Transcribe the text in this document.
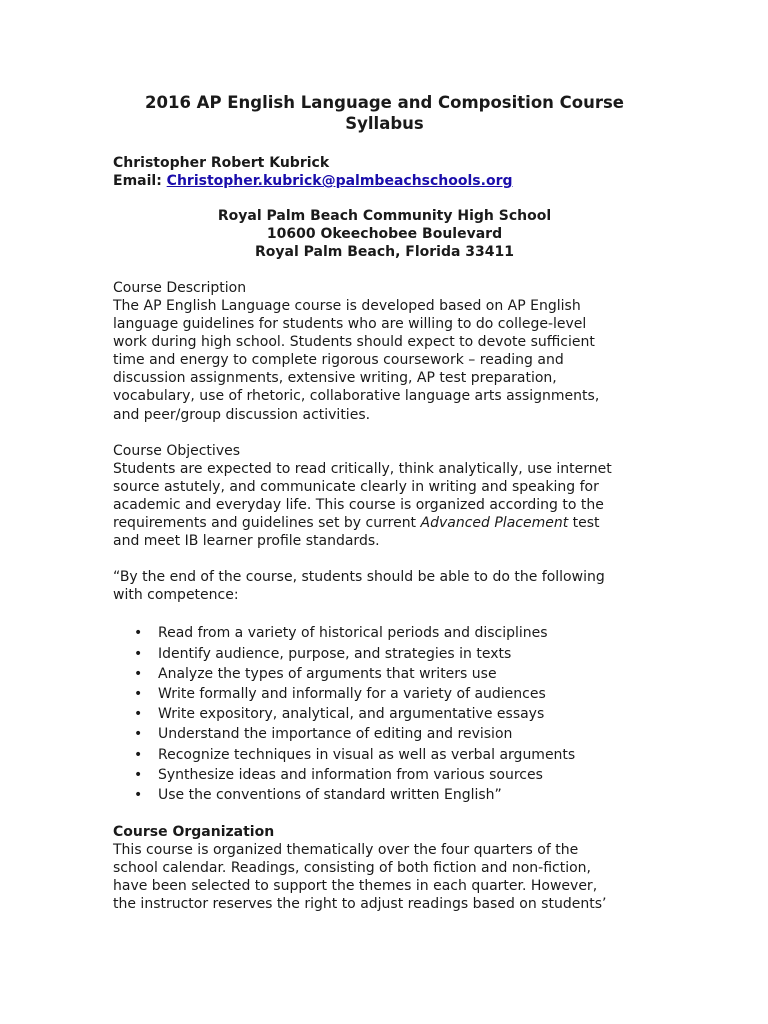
2016 AP English Language and Composition Course Syllabus

Christopher Robert Kubrick

Email: Christopher.kubrick@palmbeachschools.org

Royal Palm Beach Community High School

10600 Okeechobee Boulevard

Royal Palm Beach, Florida 33411

Course Description

The AP English Language course is developed based on AP English

language guidelines for students who are willing to do college-level

work during high school. Students should expect to devote sufficient

time and energy to complete rigorous coursework – reading and

discussion assignments, extensive writing, AP test preparation,

vocabulary, use of rhetoric, collaborative language arts assignments,

and peer/group discussion activities.

Course Objectives

Students are expected to read critically, think analytically, use internet

source astutely, and communicate clearly in writing and speaking for

academic and everyday life. This course is organized according to the

requirements and guidelines set by current Advanced Placement test

and meet IB learner profile standards.

“By the end of the course, students should be able to do the following

with competence:

• Read from a variety of historical periods and disciplines
• Identify audience, purpose, and strategies in texts
• Analyze the types of arguments that writers use
• Write formally and informally for a variety of audiences
• Write expository, analytical, and argumentative essays
• Understand the importance of editing and revision
• Recognize techniques in visual as well as verbal arguments
• Synthesize ideas and information from various sources
• Use the conventions of standard written English”

Course Organization

This course is organized thematically over the four quarters of the

school calendar. Readings, consisting of both fiction and non-fiction,

have been selected to support the themes in each quarter. However,

the instructor reserves the right to adjust readings based on students’
